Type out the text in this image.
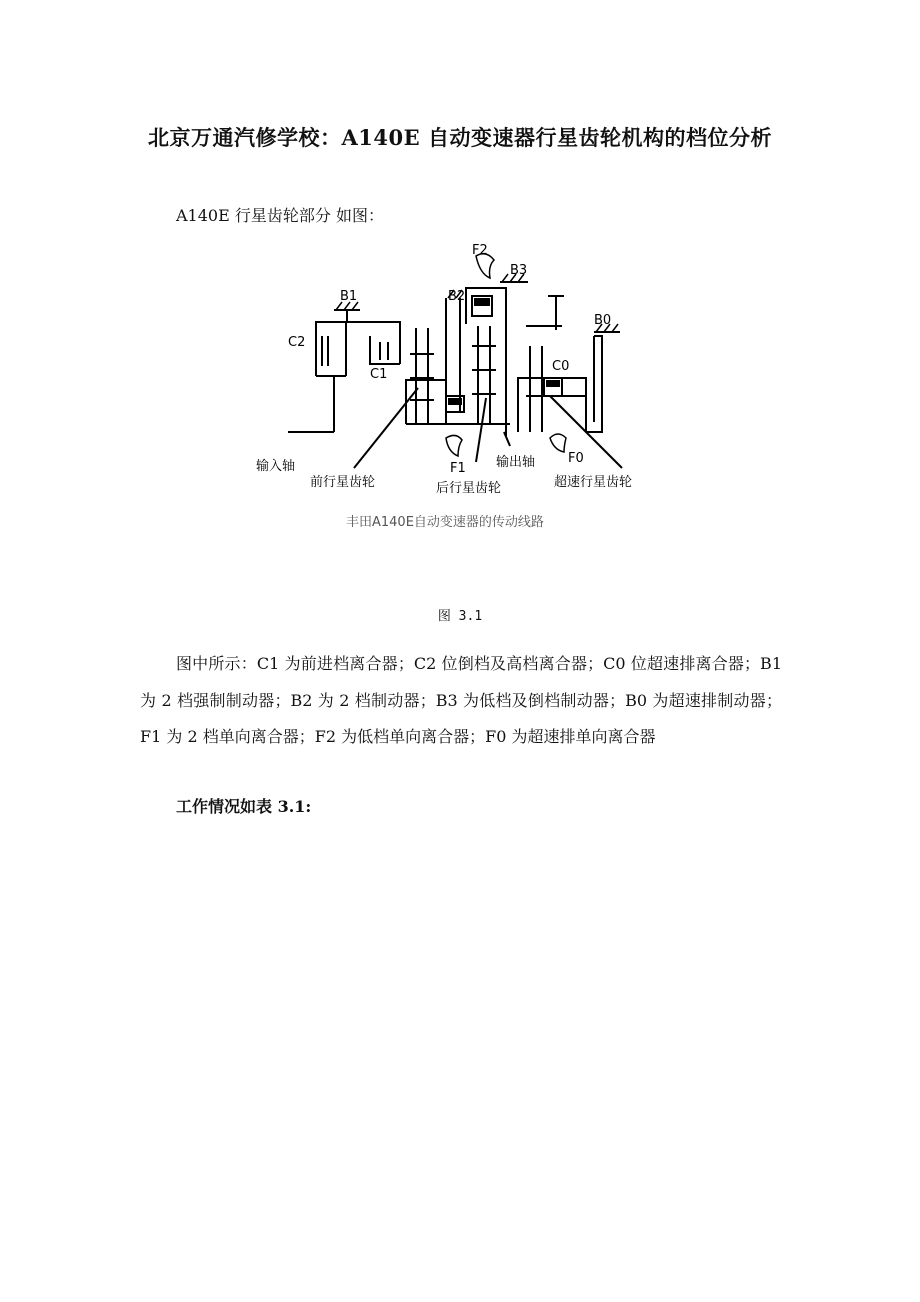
北京万通汽修学校：A140E 自动变速器行星齿轮机构的档位分析
A140E 行星齿轮部分 如图：
F2
B3
B1	B2
B0
C2
C1
C0
F1
F0
输入轴
前行星齿轮	后行星齿轮
输出轴
超速行星齿轮
丰田A140E自动变速器的传动线路
图 3.1
图中所示：C1 为前进档离合器；C2 位倒档及高档离合器；C0 位超速排离合器；B1 为 2 档强制制动器；B2 为 2 档制动器；B3 为低档及倒档制动器；B0 为超速排制动器；F1 为 2 档单向离合器；F2 为低档单向离合器；F0 为超速排单向离合器
工作情况如表 3.1:
